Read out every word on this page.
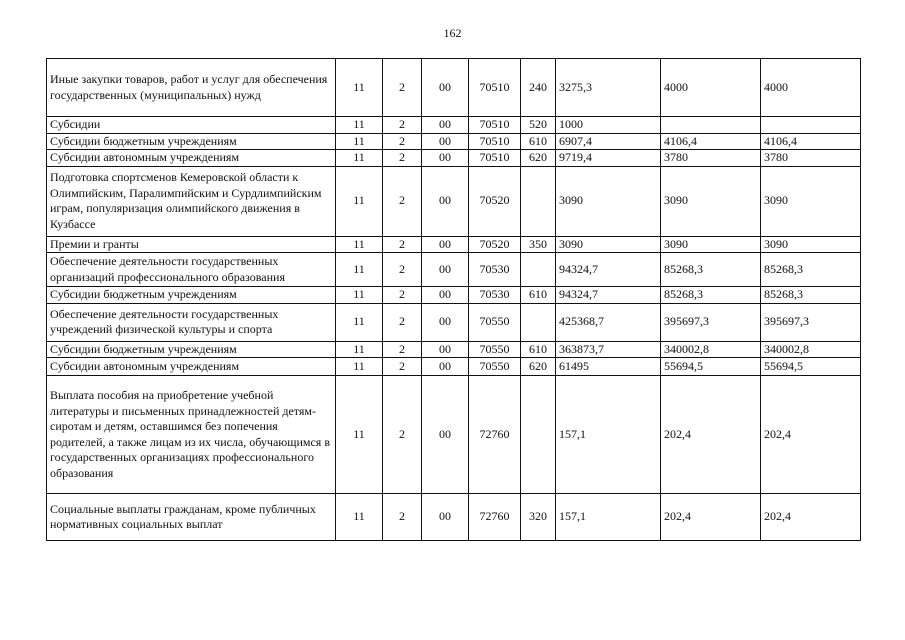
162
Иные закупки товаров, работ и услуг для обеспечения государственных (муниципальных) нужд	11	2	00	70510	240	3275,3	4000	4000
Субсидии	11	2	00	70510	520	1000		
Субсидии бюджетным учреждениям	11	2	00	70510	610	6907,4	4106,4	4106,4
Субсидии автономным учреждениям	11	2	00	70510	620	9719,4	3780	3780
Подготовка спортсменов Кемеровской области к Олимпийским, Паралимпийским и Сурдлимпийским играм, популяризация олимпийского движения в Кузбассе	11	2	00	70520		3090	3090	3090
Премии и гранты	11	2	00	70520	350	3090	3090	3090
Обеспечение деятельности государственных организаций профессионального образования	11	2	00	70530		94324,7	85268,3	85268,3
Субсидии бюджетным учреждениям	11	2	00	70530	610	94324,7	85268,3	85268,3
Обеспечение деятельности государственных учреждений физической культуры и спорта	11	2	00	70550		425368,7	395697,3	395697,3
Субсидии бюджетным учреждениям	11	2	00	70550	610	363873,7	340002,8	340002,8
Субсидии автономным учреждениям	11	2	00	70550	620	61495	55694,5	55694,5
Выплата пособия на приобретение учебной литературы и письменных принадлежностей детям-сиротам и детям, оставшимся без попечения родителей, а также лицам из их числа, обучающимся в государственных организациях профессионального образования	11	2	00	72760		157,1	202,4	202,4
Социальные выплаты гражданам, кроме публичных нормативных социальных выплат	11	2	00	72760	320	157,1	202,4	202,4
